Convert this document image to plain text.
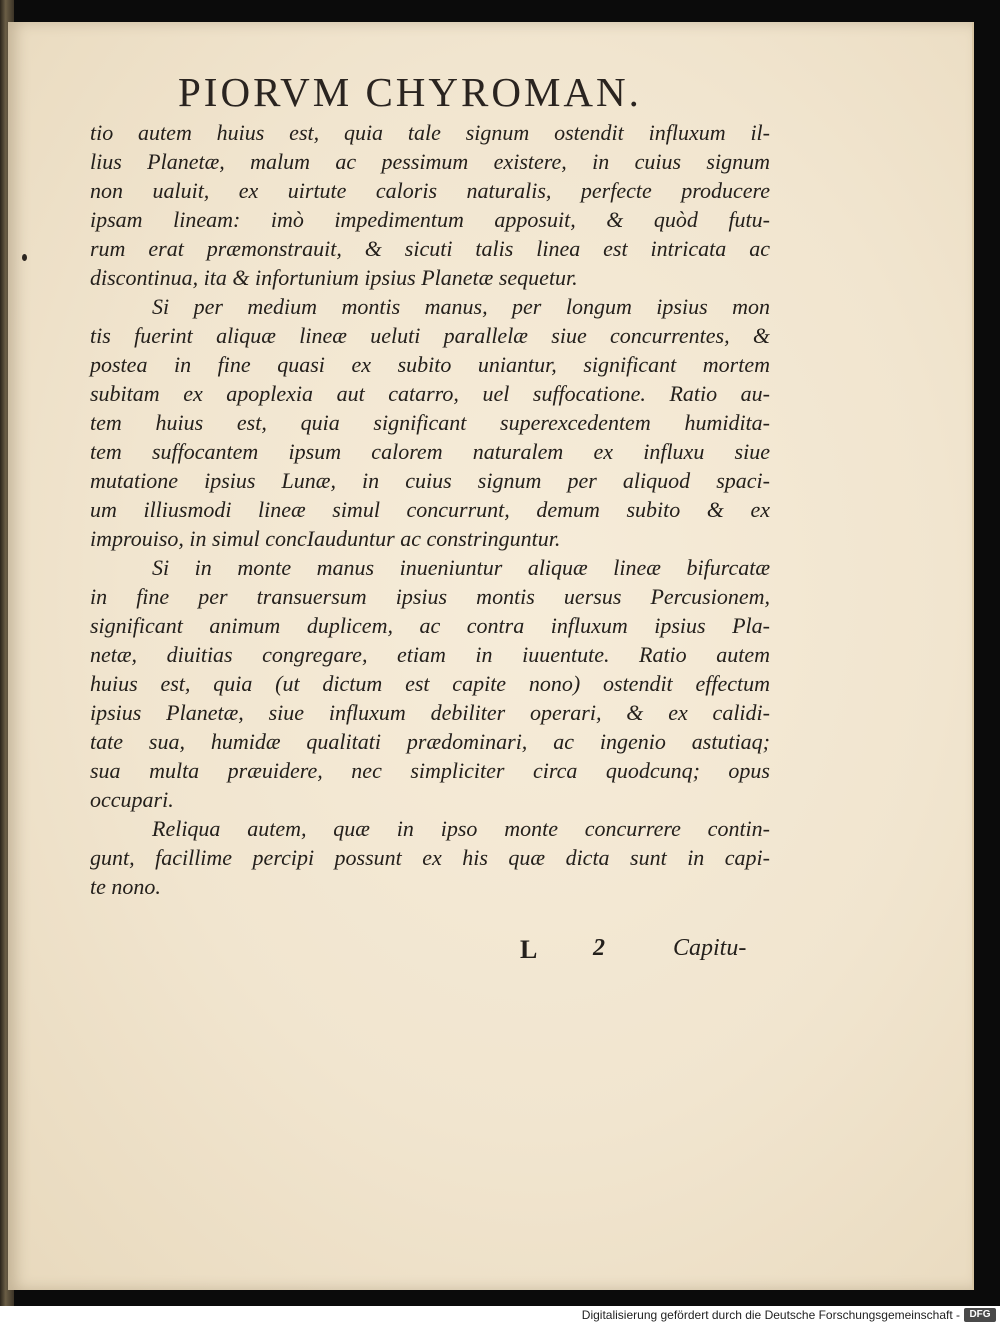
PIORVM CHYROMAN.
tio autem huius est, quia tale signum ostendit influxum il-
lius Planetæ, malum ac pessimum existere, in cuius signum
non ualuit, ex uirtute caloris naturalis, perfecte producere
ipsam lineam: imò impedimentum apposuit, & quòd futu-
rum erat præmonstrauit, & sicuti talis linea est intricata ac
discontinua, ita & infortunium ipsius Planetæ sequetur.
Si per medium montis manus, per longum ipsius mon
tis fuerint aliquæ lineæ ueluti parallelæ siue concurrentes, &
postea in fine quasi ex subito uniantur, significant mortem
subitam ex apoplexia aut catarro, uel suffocatione. Ratio au-
tem huius est, quia significant superexcedentem humidita-
tem suffocantem ipsum calorem naturalem ex influxu siue
mutatione ipsius Lunæ, in cuius signum per aliquod spaci-
um illiusmodi lineæ simul concurrunt, demum subito & ex
improuiso, in simul concIauduntur ac constringuntur.
Si in monte manus inueniuntur aliquæ lineæ bifurcatæ
in fine per transuersum ipsius montis uersus Percusionem,
significant animum duplicem, ac contra influxum ipsius Pla-
netæ, diuitias congregare, etiam in iuuentute. Ratio autem
huius est, quia (ut dictum est capite nono) ostendit effectum
ipsius Planetæ, siue influxum debiliter operari, & ex calidi-
tate sua, humidæ qualitati prædominari, ac ingenio astutiaq;
sua multa præuidere, nec simpliciter circa quodcunq; opus
occupari.
Reliqua autem, quæ in ipso monte concurrere contin-
gunt, facillime percipi possunt ex his quæ dicta sunt in capi-
te nono.
L 2	Capitu-
Digitalisierung gefördert durch die Deutsche Forschungsgemeinschaft - DFG
